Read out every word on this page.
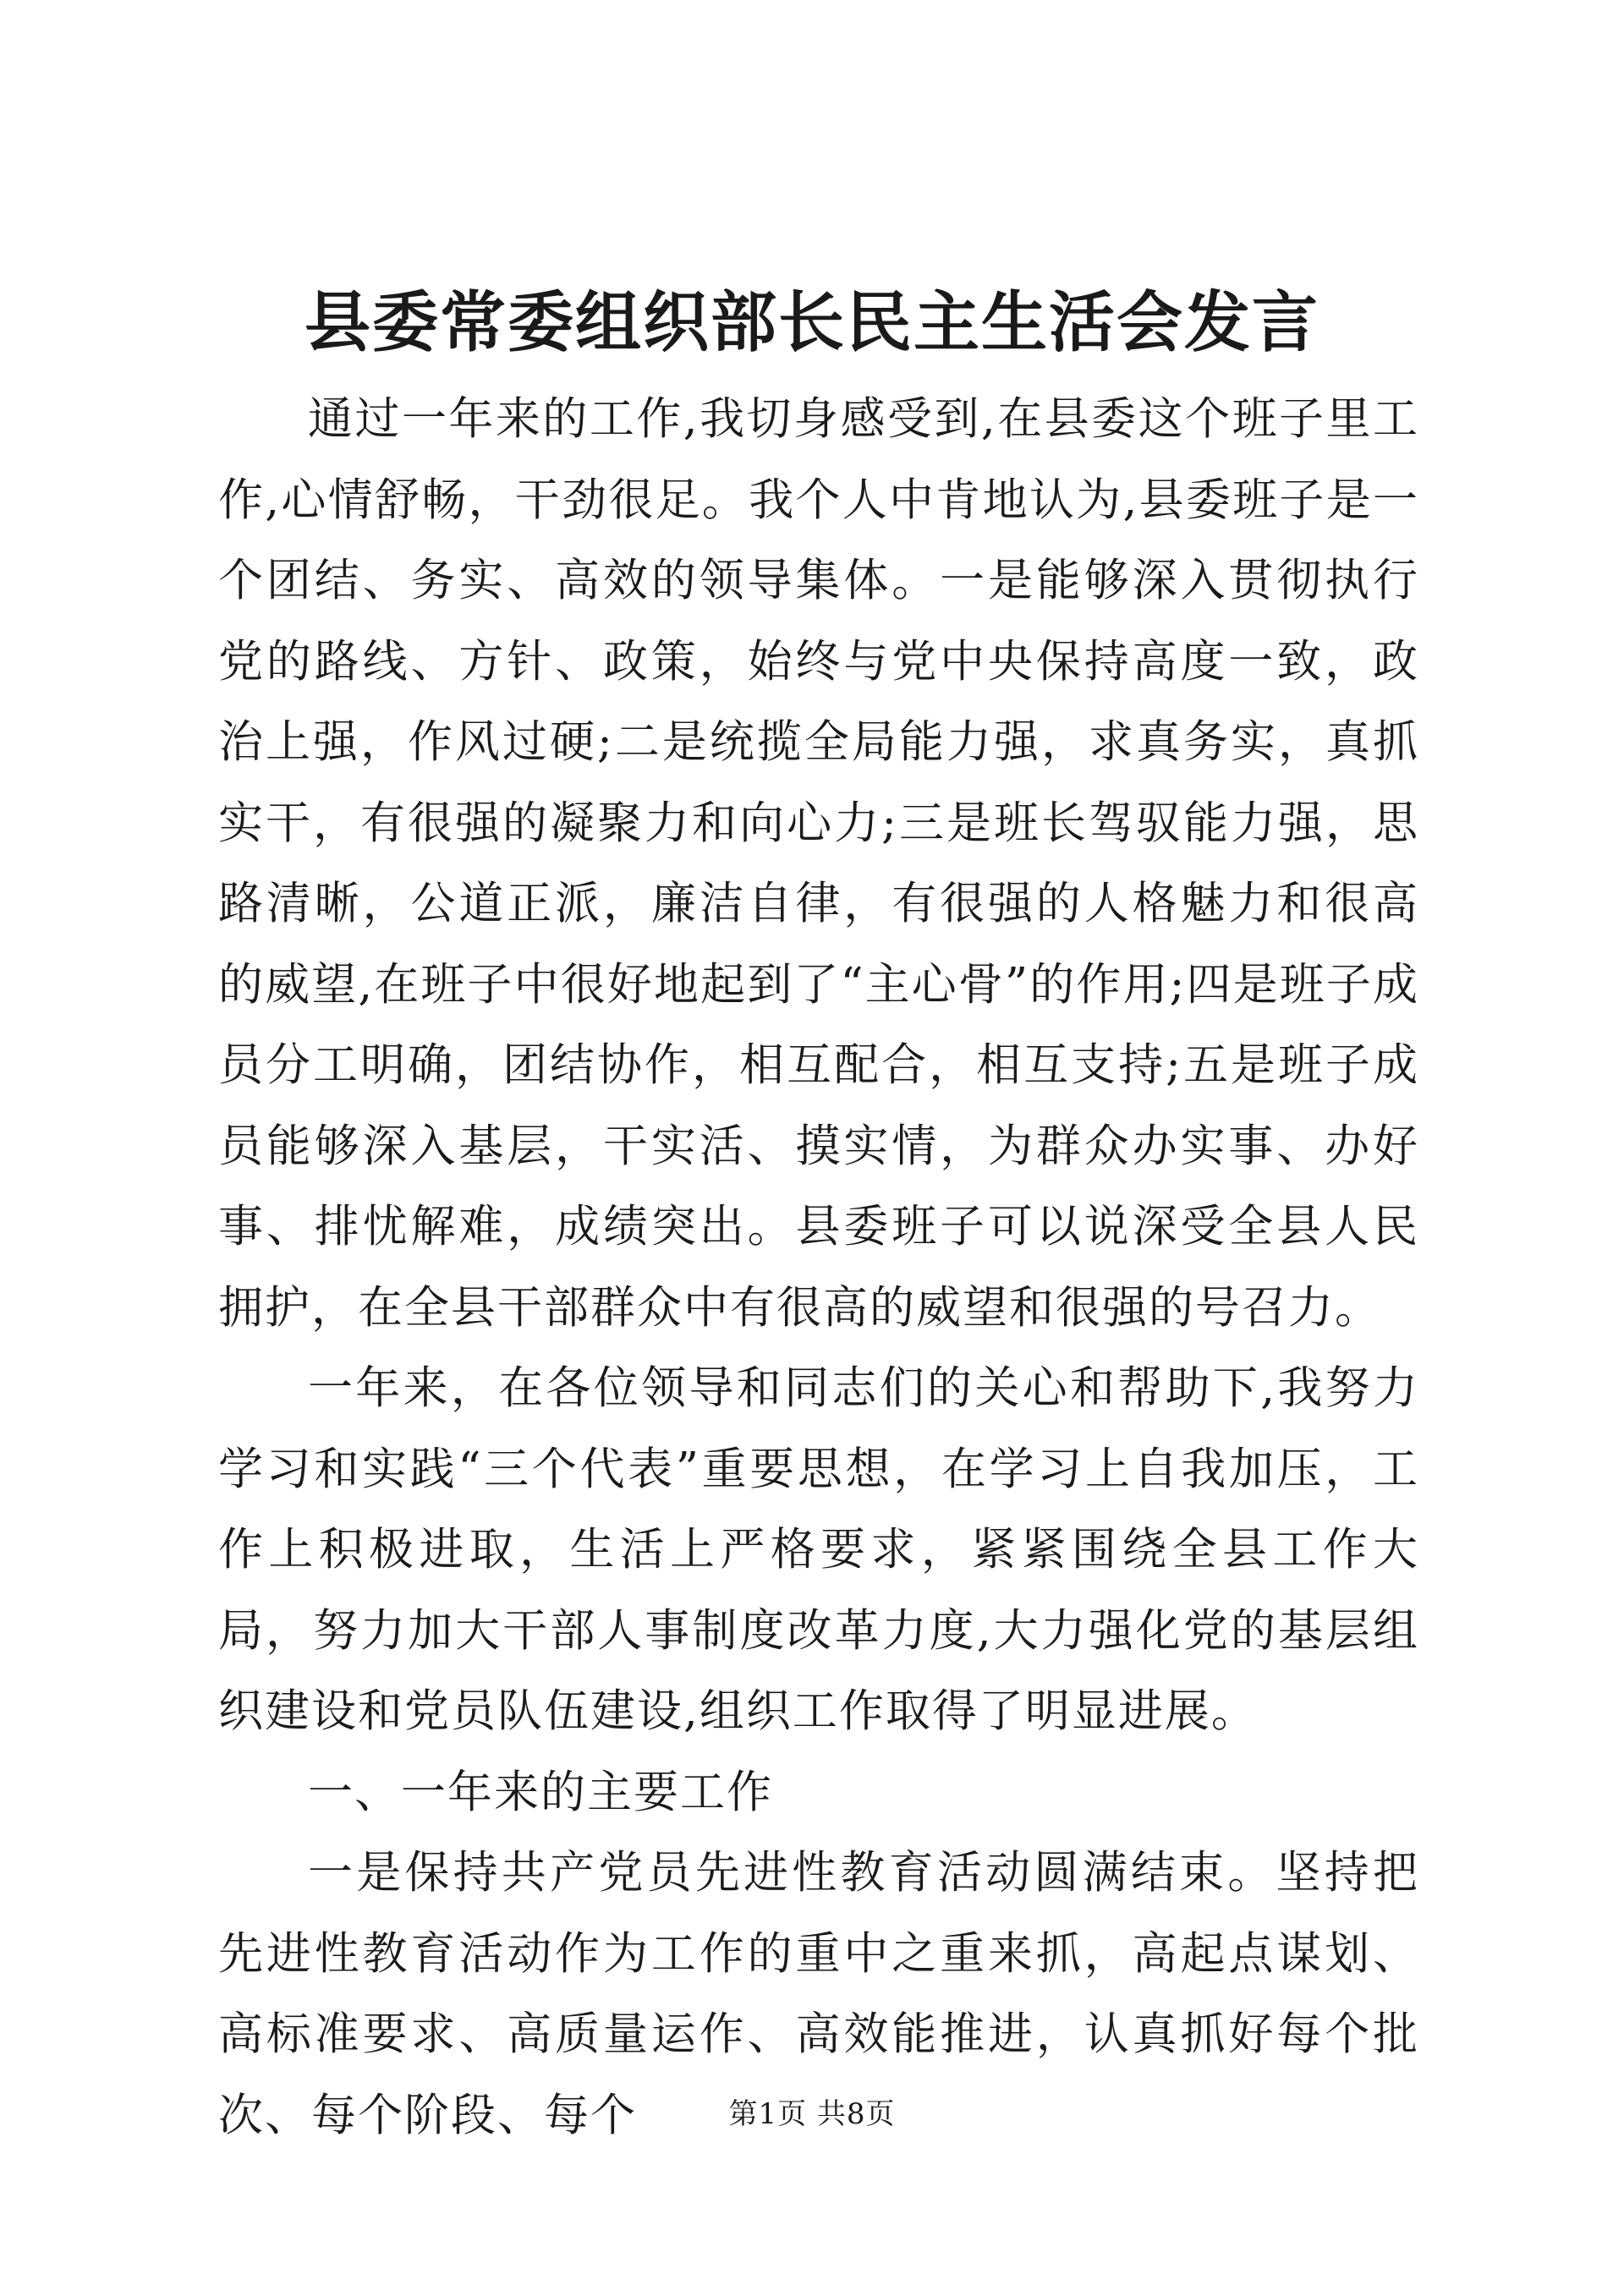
县委常委组织部长民主生活会发言

通过一年来的工作,我切身感受到,在县委这个班子里工作,心情舒畅，干劲很足。我个人中肯地认为,县委班子是一个团结、务实、高效的领导集体。一是能够深入贯彻执行党的路线、方针、政策，始终与党中央保持高度一致，政治上强，作风过硬;二是统揽全局能力强，求真务实，真抓实干，有很强的凝聚力和向心力;三是班长驾驭能力强，思路清晰，公道正派，廉洁自律，有很强的人格魅力和很高的威望,在班子中很好地起到了“主心骨”的作用;四是班子成员分工明确，团结协作，相互配合，相互支持;五是班子成员能够深入基层，干实活、摸实情，为群众办实事、办好事、排忧解难，成绩突出。县委班子可以说深受全县人民拥护，在全县干部群众中有很高的威望和很强的号召力。

一年来，在各位领导和同志们的关心和帮助下,我努力学习和实践“三个代表”重要思想，在学习上自我加压，工作上积极进取，生活上严格要求，紧紧围绕全县工作大局，努力加大干部人事制度改革力度,大力强化党的基层组织建设和党员队伍建设,组织工作取得了明显进展。

一、一年来的主要工作

一是保持共产党员先进性教育活动圆满结束。坚持把先进性教育活动作为工作的重中之重来抓，高起点谋划、高标准要求、高质量运作、高效能推进，认真抓好每个批次、每个阶段、每个	第1页 共8页
